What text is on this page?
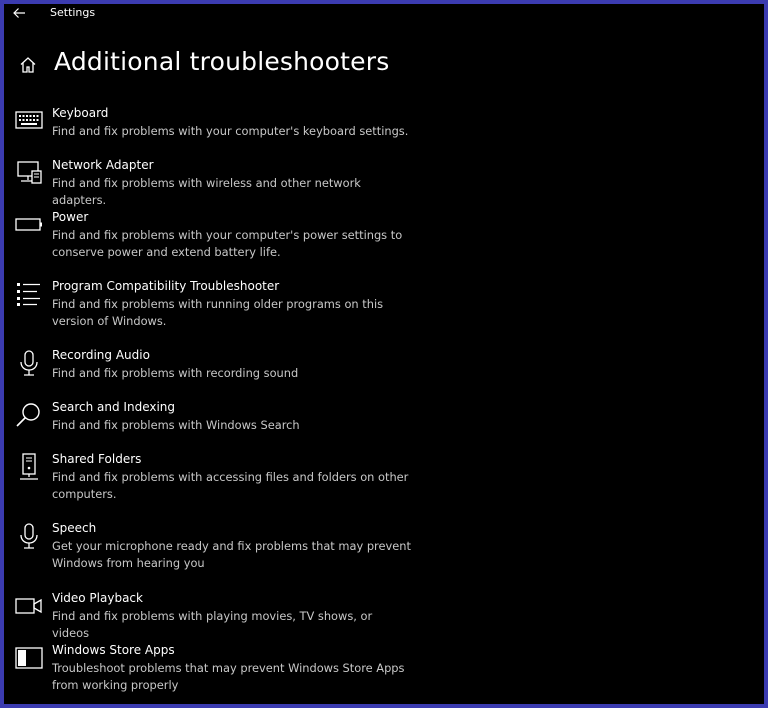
Settings
Additional troubleshooters
Keyboard
Find and fix problems with your computer's keyboard settings.
Network Adapter
Find and fix problems with wireless and other network adapters.
Power
Find and fix problems with your computer's power settings to conserve power and extend battery life.
Program Compatibility Troubleshooter
Find and fix problems with running older programs on this version of Windows.
Recording Audio
Find and fix problems with recording sound
Search and Indexing
Find and fix problems with Windows Search
Shared Folders
Find and fix problems with accessing files and folders on other computers.
Speech
Get your microphone ready and fix problems that may prevent Windows from hearing you
Video Playback
Find and fix problems with playing movies, TV shows, or videos
Windows Store Apps
Troubleshoot problems that may prevent Windows Store Apps from working properly
